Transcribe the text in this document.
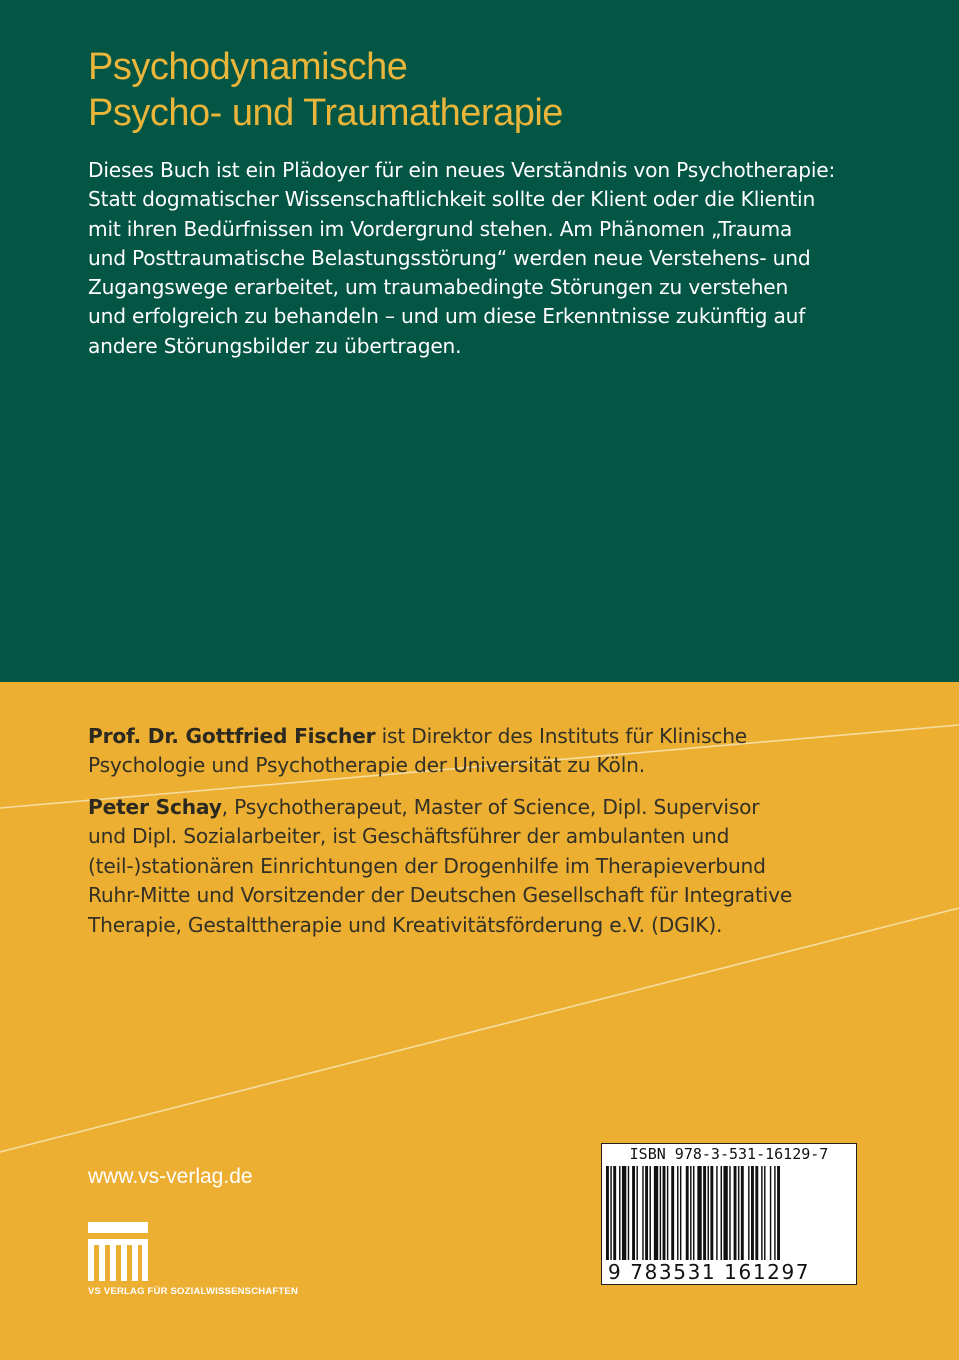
Psychodynamische
Psycho- und Traumatherapie

Dieses Buch ist ein Plädoyer für ein neues Verständnis von Psychotherapie:
Statt dogmatischer Wissenschaftlichkeit sollte der Klient oder die Klientin
mit ihren Bedürfnissen im Vordergrund stehen. Am Phänomen „Trauma
und Posttraumatische Belastungsstörung“ werden neue Verstehens- und
Zugangswege erarbeitet, um traumabedingte Störungen zu verstehen
und erfolgreich zu behandeln – und um diese Erkenntnisse zukünftig auf
andere Störungsbilder zu übertragen.

Prof. Dr. Gottfried Fischer ist Direktor des Instituts für Klinische
Psychologie und Psychotherapie der Universität zu Köln.
Peter Schay, Psychotherapeut, Master of Science, Dipl. Supervisor
und Dipl. Sozialarbeiter, ist Geschäftsführer der ambulanten und
(teil-)stationären Einrichtungen der Drogenhilfe im Therapieverbund
Ruhr-Mitte und Vorsitzender der Deutschen Gesellschaft für Integrative
Therapie, Gestalttherapie und Kreativitätsförderung e.V. (DGIK).

www.vs-verlag.de

VS VERLAG FÜR SOZIALWISSENSCHAFTEN

ISBN 978-3-531-16129-7
9 783531 161297
